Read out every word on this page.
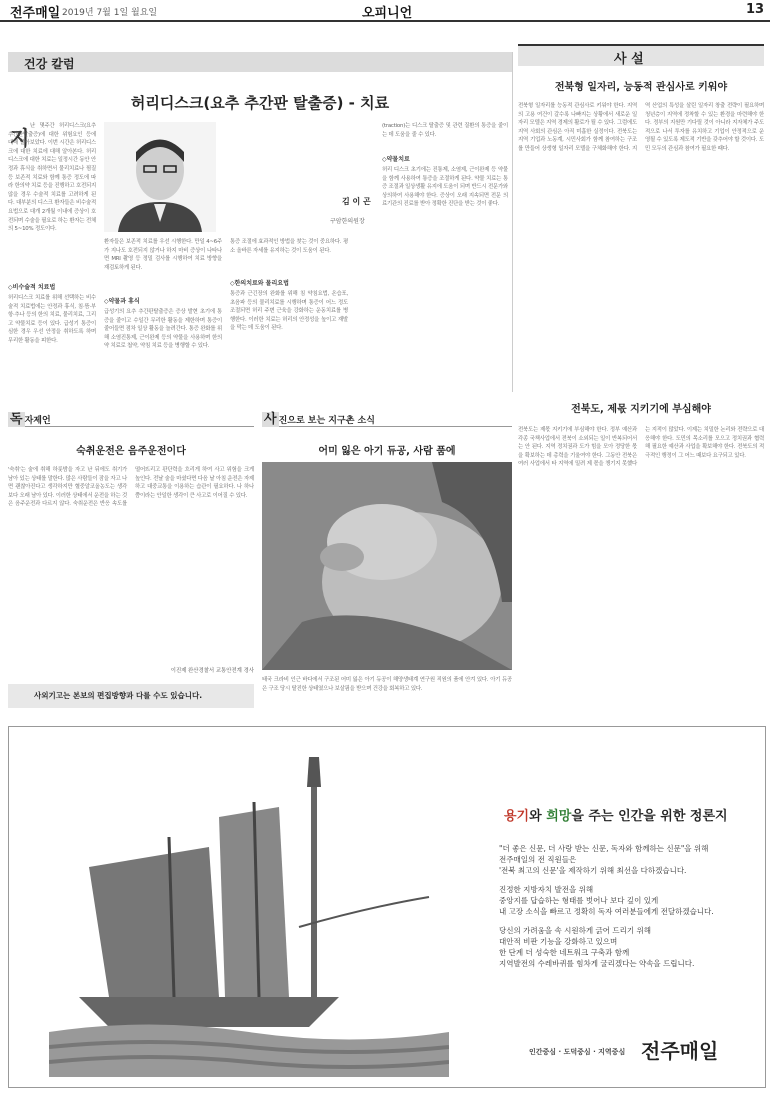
전주매일 2019년 7월 1일 월요일	오피니언	13
건강 칼럼
허리디스크(요추 추간판 탈출증) - 치료
지 난 몇주간 허리디스크(요추 추간판탈출증)에 대한 위험요인 등에 대해 알아보았다. 이번 시간은 허리디스크에 대한 치료에 대해 알아본다. 허리디스크에 대한 치료는 일정시간 동안 안정과 휴식을 취하면서 물리치료나 찜질 등 보존적 치료와 함께 통증 정도에 따라 한의약 치료 등을 진행하고 호전되지 않을 경우 수술적 치료를 고려하게 된다. 대부분의 디스크 환자들은 비수술적 요법으로 대개 2개월 이내에 증상이 호전되며 수술을 필요로 하는 환자는 전체의 5~10% 정도이다.
◇비수술적 치료법
허리디스크 치료를 위해 선택하는 비수술적 치료법에는 안정과 휴식, 침·뜸·부항·추나 등의 한의 치료, 물리치료, 그리고 약물치료 등이 있다. 급성기 통증이 심한 경우 우선 안정을 취하도록 하며 무리한 활동을 피한다.
김 이 곤
구암한의원장
환자들은 보존적 치료를 우선 시행한다. 만일 4~6주가 지나도 호전되지 않거나 하지 마비 증상이 나타나면 MRI 촬영 등 정밀 검사를 시행하여 치료 방향을 재검토하게 된다.
◇약물과 휴식
급성기의 요추 추간판탈출증은 증상 발현 초기에 통증을 줄이고 수일간 무리한 활동을 제한하며 통증이 줄어들면 점차 일상 활동을 늘려간다. 통증 완화를 위해 소염진통제, 근이완제 등의 약물을 사용하며 한의약 치료로 첩약, 약침 치료 등을 병행할 수 있다.
통증 조절에 효과적인 방법을 찾는 것이 중요하다. 평소 올바른 자세를 유지하는 것이 도움이 된다.
◇한의치료와 물리요법
통증과 근긴장의 완화를 위해 침 약침요법, 온습포, 초음파 등의 물리치료를 시행하며 통증이 어느 정도 조절되면 허리 주변 근육을 강화하는 운동치료를 병행한다. 이러한 치료는 허리의 안정성을 높이고 재발을 막는 데 도움이 된다.
(traction)는 디스크 탈출증 및 관련 질환의 통증을 줄이는 데 도움을 줄 수 있다.
◇약물치료
허리 디스크 초기에는 진통제, 소염제, 근이완제 등 약물을 함께 사용하여 통증을 조절하게 된다. 약물 치료는 통증 조절과 일상생활 유지에 도움이 되며 반드시 전문가와 상의하여 사용해야 한다. 증상이 오래 지속되면 전문 의료기관의 진료를 받아 정확한 진단을 받는 것이 좋다.
사 설
전북형 일자리, 능동적 관심사로 키워야
전북형 일자리를 능동적 관심사로 키워야 한다. 지역의 고용 여건이 갈수록 나빠지는 상황에서 새로운 일자리 모델은 지역 경제의 활로가 될 수 있다. 그럼에도 지역 사회의 관심은 아직 미흡한 실정이다. 전북도는 지역 기업과 노동계, 시민사회가 함께 참여하는 구조를 만들어 상생형 일자리 모델을 구체화해야 한다. 지역 산업의 특성을 살린 일자리 창출 전략이 필요하며 청년층이 지역에 정착할 수 있는 환경을 마련해야 한다. 정부의 지원만 기다릴 것이 아니라 지자체가 주도적으로 나서 투자를 유치하고 기업이 안정적으로 운영될 수 있도록 제도적 기반을 갖추어야 할 것이다. 도민 모두의 관심과 참여가 필요한 때다.
전북도, 제몫 지키기에 부심해야
전북도는 제몫 지키기에 부심해야 한다. 정부 예산과 각종 국책사업에서 전북이 소외되는 일이 반복되어서는 안 된다. 지역 정치권과 도가 힘을 모아 정당한 몫을 확보하는 데 총력을 기울여야 한다. 그동안 전북은 여러 사업에서 타 지역에 밀려 제 몫을 챙기지 못했다는 지적이 많았다. 이제는 치밀한 논리와 전략으로 대응해야 한다. 도민의 목소리를 모으고 정치권과 협력해 필요한 예산과 사업을 확보해야 한다. 전북도의 적극적인 행정이 그 어느 때보다 요구되고 있다.
독 자제언
숙취운전은 음주운전이다
'숙취'는 술에 취해 하룻밤을 자고 난 뒤에도 취기가 남아 있는 상태를 말한다. 많은 사람들이 잠을 자고 나면 괜찮아진다고 생각하지만 혈중알코올농도는 생각보다 오래 남아 있다. 이러한 상태에서 운전을 하는 것은 음주운전과 다르지 않다. 숙취운전은 반응 속도를 떨어뜨리고 판단력을 흐리게 하여 사고 위험을 크게 높인다. 전날 술을 마셨다면 다음 날 아침 운전은 자제하고 대중교통을 이용하는 습관이 필요하다. 나 하나쯤이라는 안일한 생각이 큰 사고로 이어질 수 있다.
이진제 완산경찰서 교통안전계 경사
사외기고는 본보의 편집방향과 다를 수도 있습니다.
사 진으로 보는 지구촌 소식
어미 잃은 아기 듀공, 사람 품에
태국 크라비 인근 바다에서 구조된 어미 잃은 아기 듀공이 해양생태계 연구원 직원의 품에 안겨 있다. 아기 듀공은 구조 당시 탈진한 상태였으나 보살핌을 받으며 건강을 회복하고 있다.
용기와 희망을 주는 인간을 위한 정론지
"더 좋은 신문, 더 사랑 받는 신문, 독자와 함께하는 신문"을 위해
전주매일의 전 직원들은
'전북 최고의 신문'을 제작하기 위해 최선을 다하겠습니다.
진정한 지방자치 발전을 위해
중앙지를 답습하는 형태를 벗어나 보다 깊이 있게
내 고장 소식을 빠르고 정확히 독자 여러분들에게 전달하겠습니다.
당신의 가려움을 속 시원하게 긁어 드리기 위해
대안적 비판 기능을 강화하고 있으며
한 단계 더 성숙한 네트워크 구축과 함께
지역발전의 수레바퀴를 힘차게 굴리겠다는 약속을 드립니다.
인간중심 · 도덕중심 · 지역중심 전주매일
